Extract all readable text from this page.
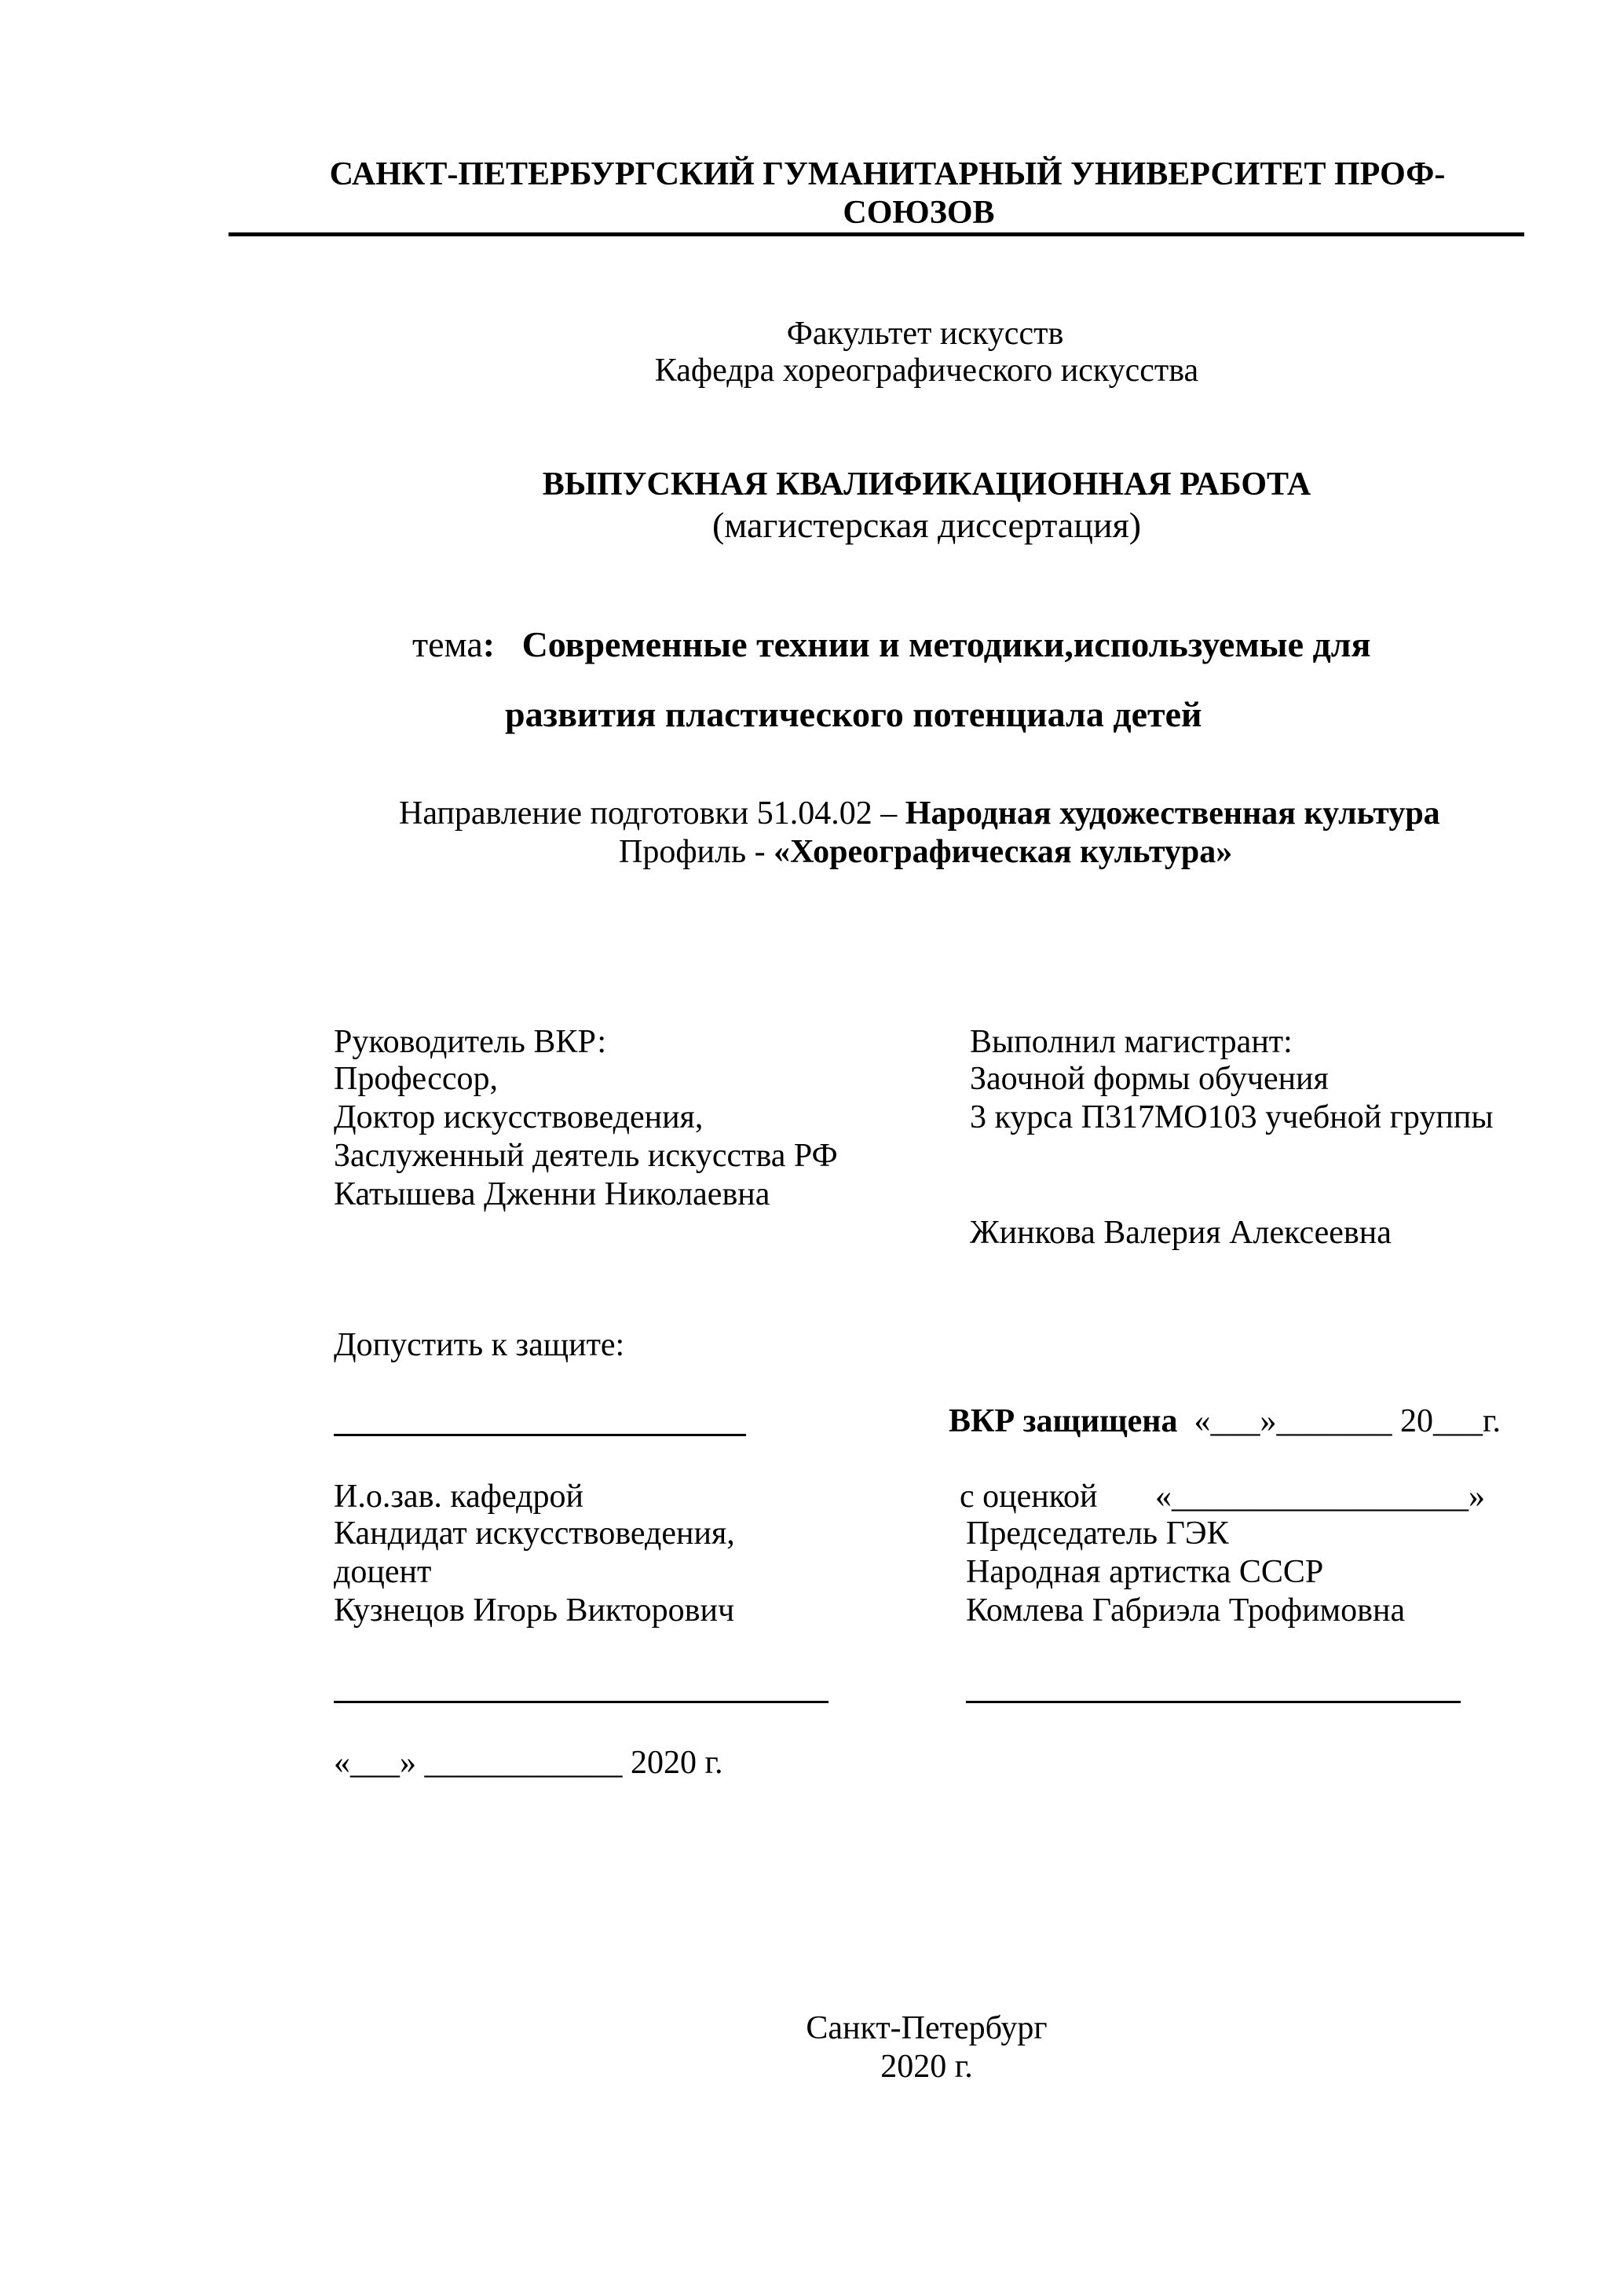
САНКТ-ПЕТЕРБУРГСКИЙ ГУМАНИТАРНЫЙ УНИВЕРСИТЕТ ПРОФ-
СОЮЗОВ
Факультет искусств
Кафедра хореографического искусства
ВЫПУСКНАЯ КВАЛИФИКАЦИОННАЯ РАБОТА
(магистерская диссертация)
тема: Современные технии и методики,используемые для
развития пластического потенциала детей
Направление подготовки 51.04.02 – Народная художественная культура
Профиль - «Хореографическая культура»
Руководитель ВКР:
Профессор,
Доктор искусствоведения,
Заслуженный деятель искусства РФ
Катышева Дженни Николаевна
Выполнил магистрант:
Заочной формы обучения
3 курса П317МО103 учебной группы
Жинкова Валерия Алексеевна
Допустить к защите:
ВКР защищена «___»_______ 20___г.
И.о.зав. кафедрой
Кандидат искусствоведения,
доцент
Кузнецов Игорь Викторович
с оценкой «__________________»
Председатель ГЭК
Народная артистка СССР
Комлева Габриэла Трофимовна
«___» ____________ 2020 г.
Санкт-Петербург
2020 г.
